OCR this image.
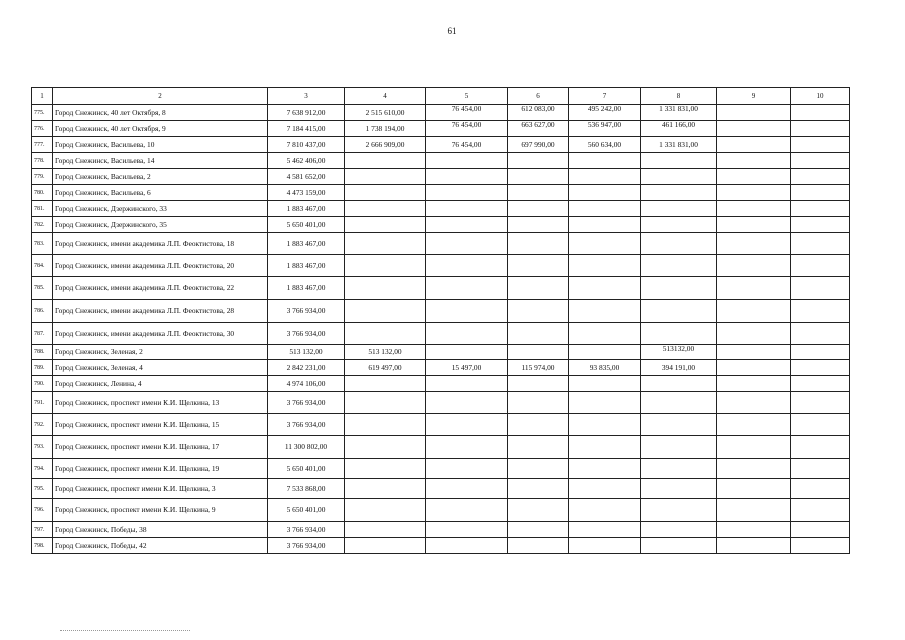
61
1	2	3	4	5	6	7	8	9	10
775.	Город Снежинск, 40 лет Октября, 8	7 638 912,00	2 515 610,00	76 454,00	612 083,00	495 242,00	1 331 831,00		
776.	Город Снежинск, 40 лет Октября, 9	7 184 415,00	1 738 194,00	76 454,00	663 627,00	536 947,00	461 166,00		
777.	Город Снежинск, Васильева, 10	7 810 437,00	2 666 909,00	76 454,00	697 990,00	560 634,00	1 331 831,00		
778.	Город Снежинск, Васильева, 14	5 462 406,00							
779.	Город Снежинск, Васильева, 2	4 581 652,00							
780.	Город Снежинск, Васильева, 6	4 473 159,00							
781.	Город Снежинск, Дзержинского, 33	1 883 467,00							
782.	Город Снежинск, Дзержинского, 35	5 650 401,00							
783.	Город Снежинск, имени академика Л.П. Феоктистова, 18	1 883 467,00							
784.	Город Снежинск, имени академика Л.П. Феоктистова, 20	1 883 467,00							
785.	Город Снежинск, имени академика Л.П. Феоктистова, 22	1 883 467,00							
786.	Город Снежинск, имени академика Л.П. Феоктистова, 28	3 766 934,00							
787.	Город Снежинск, имени академика Л.П. Феоктистова, 30	3 766 934,00							
788.	Город Снежинск, Зеленая, 2	513 132,00	513 132,00				513132,00		
789.	Город Снежинск, Зеленая, 4	2 842 231,00	619 497,00	15 497,00	115 974,00	93 835,00	394 191,00		
790.	Город Снежинск, Ленина, 4	4 974 106,00							
791.	Город Снежинск, проспект имени К.И. Щелкина, 13	3 766 934,00							
792.	Город Снежинск, проспект имени К.И. Щелкина, 15	3 766 934,00							
793.	Город Снежинск, проспект имени К.И. Щелкина, 17	11 300 802,00							
794.	Город Снежинск, проспект имени К.И. Щелкина, 19	5 650 401,00							
795.	Город Снежинск, проспект имени К.И. Щелкина, 3	7 533 868,00							
796.	Город Снежинск, проспект имени К.И. Щелкина, 9	5 650 401,00							
797.	Город Снежинск, Победы, 38	3 766 934,00							
798.	Город Снежинск, Победы, 42	3 766 934,00							
